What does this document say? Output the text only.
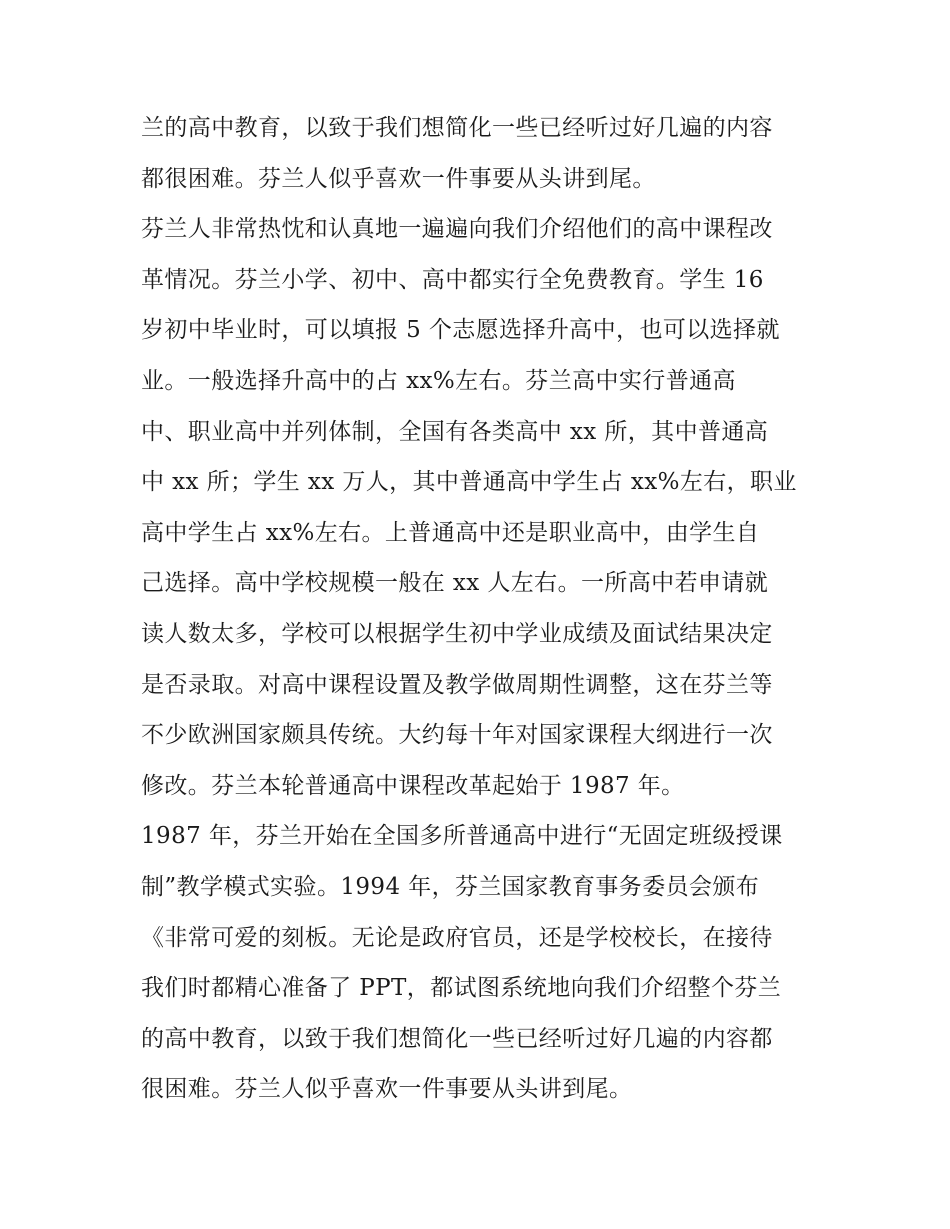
兰的高中教育，以致于我们想简化一些已经听过好几遍的内容
都很困难。芬兰人似乎喜欢一件事要从头讲到尾。
芬兰人非常热忱和认真地一遍遍向我们介绍他们的高中课程改
革情况。芬兰小学、初中、高中都实行全免费教育。学生 16
岁初中毕业时，可以填报 5 个志愿选择升高中，也可以选择就
业。一般选择升高中的占 xx%左右。芬兰高中实行普通高
中、职业高中并列体制，全国有各类高中 xx 所，其中普通高
中 xx 所；学生 xx 万人，其中普通高中学生占 xx%左右，职业
高中学生占 xx%左右。上普通高中还是职业高中，由学生自
己选择。高中学校规模一般在 xx 人左右。一所高中若申请就
读人数太多，学校可以根据学生初中学业成绩及面试结果决定
是否录取。对高中课程设置及教学做周期性调整，这在芬兰等
不少欧洲国家颇具传统。大约每十年对国家课程大纲进行一次
修改。芬兰本轮普通高中课程改革起始于 1987 年。
1987 年，芬兰开始在全国多所普通高中进行“无固定班级授课
制”教学模式实验。1994 年，芬兰国家教育事务委员会颁布
《非常可爱的刻板。无论是政府官员，还是学校校长，在接待
我们时都精心准备了 PPT，都试图系统地向我们介绍整个芬兰
的高中教育，以致于我们想简化一些已经听过好几遍的内容都
很困难。芬兰人似乎喜欢一件事要从头讲到尾。
